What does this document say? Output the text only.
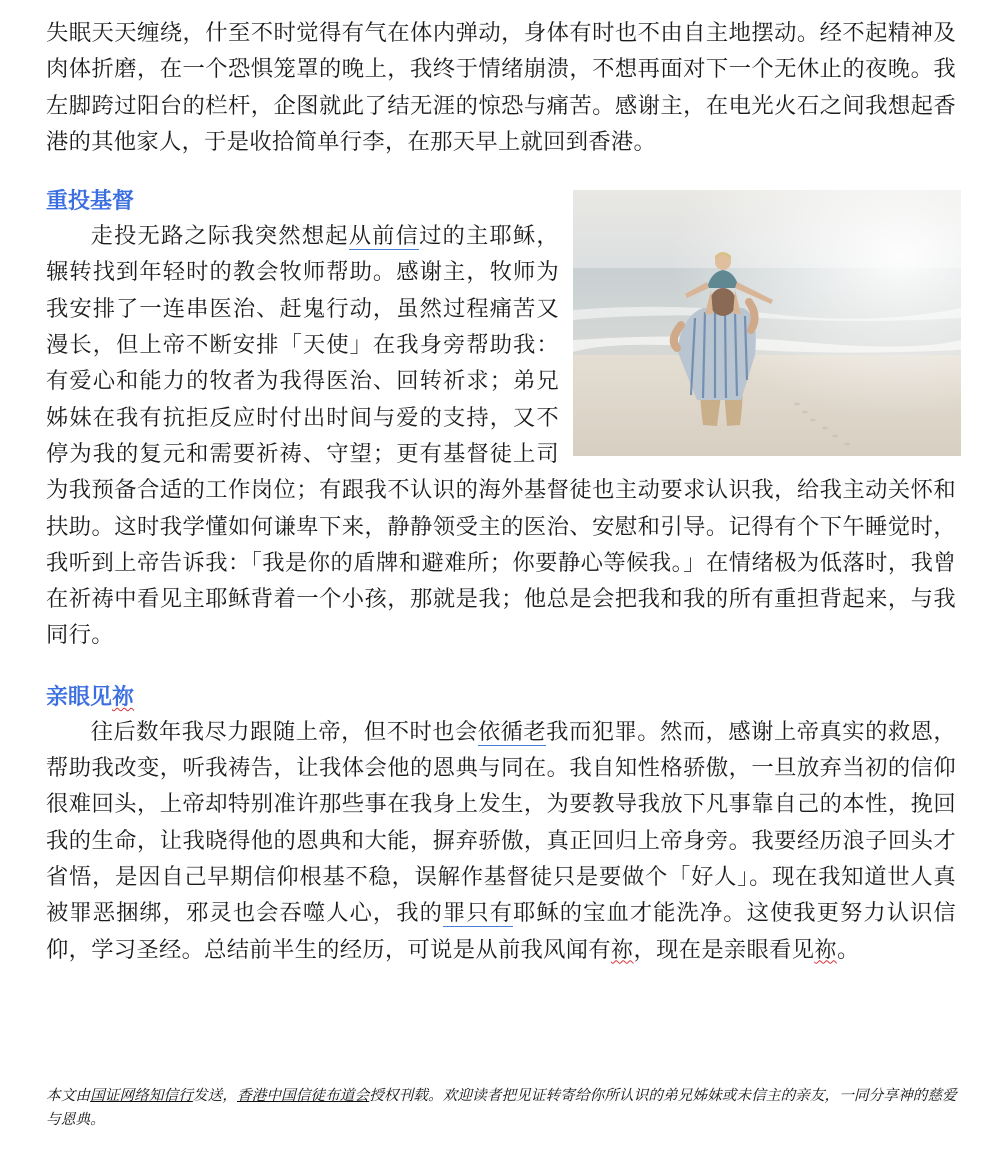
失眠天天缠绕，什至不时觉得有气在体内弹动，身体有时也不由自主地摆动。经不起精神及肉体折磨，在一个恐惧笼罩的晚上，我终于情绪崩溃，不想再面对下一个无休止的夜晚。我左脚跨过阳台的栏杆，企图就此了结无涯的惊恐与痛苦。感谢主，在电光火石之间我想起香港的其他家人，于是收拾简单行李，在那天早上就回到香港。

重投基督

走投无路之际我突然想起从前信过的主耶稣，辗转找到年轻时的教会牧师帮助。感谢主，牧师为我安排了一连串医治、赶鬼行动，虽然过程痛苦又漫长，但上帝不断安排「天使」在我身旁帮助我：有爱心和能力的牧者为我得医治、回转祈求；弟兄姊妹在我有抗拒反应时付出时间与爱的支持，又不停为我的复元和需要祈祷、守望；更有基督徒上司为我预备合适的工作岗位；有跟我不认识的海外基督徒也主动要求认识我，给我主动关怀和扶助。这时我学懂如何谦卑下来，静静领受主的医治、安慰和引导。记得有个下午睡觉时，我听到上帝告诉我：「我是你的盾牌和避难所；你要静心等候我。」在情绪极为低落时，我曾在祈祷中看见主耶稣背着一个小孩，那就是我；他总是会把我和我的所有重担背起来，与我同行。

亲眼见祢

往后数年我尽力跟随上帝，但不时也会依循老我而犯罪。然而，感谢上帝真实的救恩，帮助我改变，听我祷告，让我体会他的恩典与同在。我自知性格骄傲，一旦放弃当初的信仰很难回头，上帝却特别准许那些事在我身上发生，为要教导我放下凡事靠自己的本性，挽回我的生命，让我晓得他的恩典和大能，摒弃骄傲，真正回归上帝身旁。我要经历浪子回头才省悟，是因自己早期信仰根基不稳，误解作基督徒只是要做个「好人」。现在我知道世人真被罪恶捆绑，邪灵也会吞噬人心，我的罪只有耶稣的宝血才能洗净。这使我更努力认识信仰，学习圣经。总结前半生的经历，可说是从前我风闻有祢，现在是亲眼看见祢。

本文由国证网络知信行发送，香港中国信徒布道会授权刊载。欢迎读者把见证转寄给你所认识的弟兄姊妹或未信主的亲友，一同分享神的慈爱与恩典。
